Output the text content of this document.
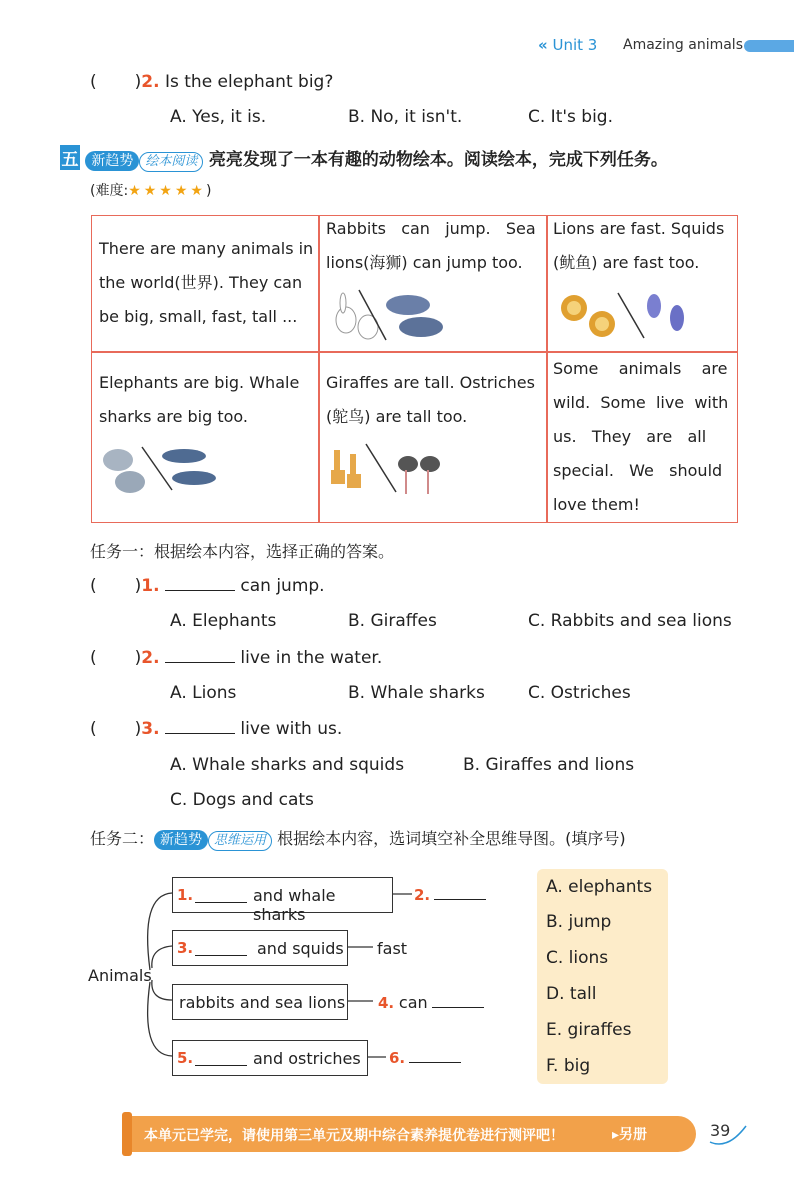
« Unit 3 Amazing animals
( )2. Is the elephant big?
A. Yes, it is.	B. No, it isn't.	C. It's big.
五 新趋势 绘本阅读 亮亮发现了一本有趣的动物绘本。阅读绘本，完成下列任务。
(难度:★★★★★)
There are many animals in
the world(世界). They can
be big, small, fast, tall ...
Rabbits   can   jump.   Sea
lions(海狮) can jump too.
Lions are fast. Squids
(鱿鱼) are fast too.
Elephants are big. Whale
sharks are big too.
Giraffes are tall. Ostriches
(鸵鸟) are tall too.
Some    animals    are
wild.  Some  live  with
us.   They   are   all
special.   We   should
love them!
任务一：根据绘本内容，选择正确的答案。
( )1.	can jump.
A. Elephants	B. Giraffes	C. Rabbits and sea lions
( )2.	live in the water.
A. Lions	B. Whale sharks	C. Ostriches
( )3.	live with us.
A. Whale sharks and squids	B. Giraffes and lions
C. Dogs and cats
任务二： 新趋势 思维运用 根据绘本内容，选词填空补全思维导图。(填序号)
Animals
1.	and whale sharks
2.
3.	and squids fast
rabbits and sea lions 4. can
5.	and ostriches 6.
A. elephants
B. jump
C. lions
D. tall
E. giraffes
F. big
本单元已学完，请使用第三单元及期中综合素养提优卷进行测评吧！	▸另册	39
